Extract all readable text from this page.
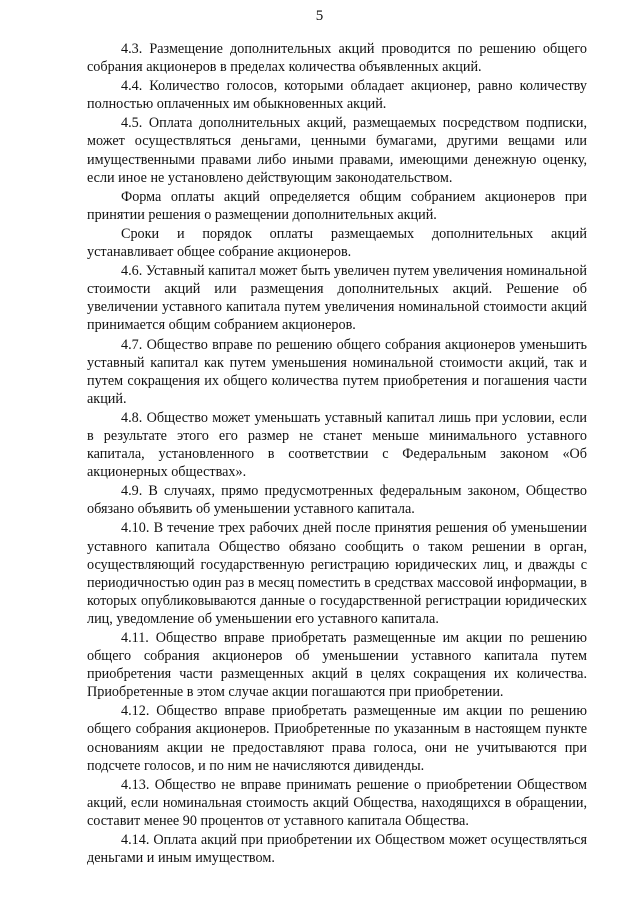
5

4.3. Размещение дополнительных акций проводится по решению общего собрания акционеров в пределах количества объявленных акций.

4.4. Количество голосов, которыми обладает акционер, равно количеству полностью оплаченных им обыкновенных акций.

4.5. Оплата дополнительных акций, размещаемых посредством подписки, может осуществляться деньгами, ценными бумагами, другими вещами или имущественными правами либо иными правами, имеющими денежную оценку, если иное не установлено действующим законодательством.

Форма оплаты акций определяется общим собранием акционеров при принятии решения о размещении дополнительных акций.

Сроки и порядок оплаты размещаемых дополнительных акций устанавливает общее собрание акционеров.

4.6. Уставный капитал может быть увеличен путем увеличения номинальной стоимости акций или размещения дополнительных акций. Решение об увеличении уставного капитала путем увеличения номинальной стоимости акций принимается общим собранием акционеров.

4.7. Общество вправе по решению общего собрания акционеров уменьшить уставный капитал как путем уменьшения номинальной стоимости акций, так и путем сокращения их общего количества путем приобретения и погашения части акций.

4.8. Общество может уменьшать уставный капитал лишь при условии, если в результате этого его размер не станет меньше минимального уставного капитала, установленного в соответствии с Федеральным законом «Об акционерных обществах».

4.9. В случаях, прямо предусмотренных федеральным законом, Общество обязано объявить об уменьшении уставного капитала.

4.10. В течение трех рабочих дней после принятия решения об уменьшении уставного капитала Общество обязано сообщить о таком решении в орган, осуществляющий государственную регистрацию юридических лиц, и дважды с периодичностью один раз в месяц поместить в средствах массовой информации, в которых опубликовываются данные о государственной регистрации юридических лиц, уведомление об уменьшении его уставного капитала.

4.11. Общество вправе приобретать размещенные им акции по решению общего собрания акционеров об уменьшении уставного капитала путем приобретения части размещенных акций в целях сокращения их количества. Приобретенные в этом случае акции погашаются при приобретении.

4.12. Общество вправе приобретать размещенные им акции по решению общего собрания акционеров. Приобретенные по указанным в настоящем пункте основаниям акции не предоставляют права голоса, они не учитываются при подсчете голосов, и по ним не начисляются дивиденды.

4.13. Общество не вправе принимать решение о приобретении Обществом акций, если номинальная стоимость акций Общества, находящихся в обращении, составит менее 90 процентов от уставного капитала Общества.

4.14. Оплата акций при приобретении их Обществом может осуществляться деньгами и иным имуществом.
